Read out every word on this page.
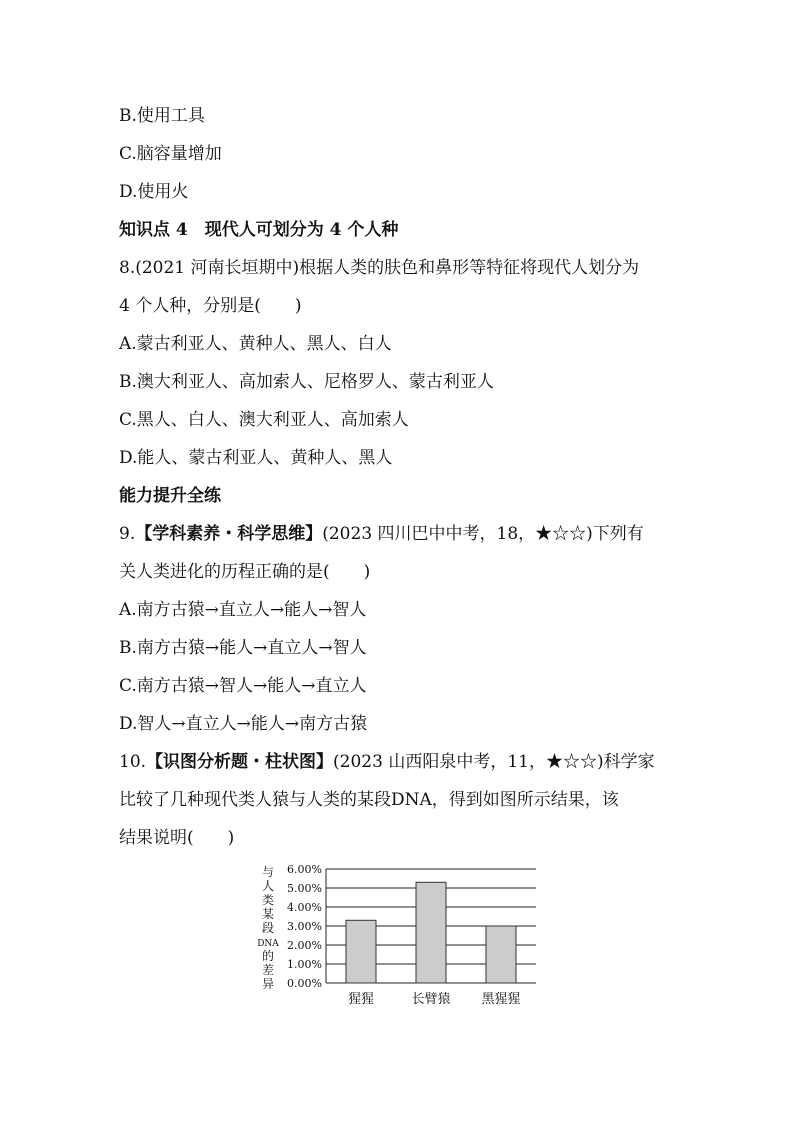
B.使用工具
C.脑容量增加
D.使用火
知识点 4　现代人可划分为 4 个人种
8.(2021 河南长垣期中)根据人类的肤色和鼻形等特征将现代人划分为
4 个人种，分别是(　　)
A.蒙古利亚人、黄种人、黑人、白人
B.澳大利亚人、高加索人、尼格罗人、蒙古利亚人
C.黑人、白人、澳大利亚人、高加索人
D.能人、蒙古利亚人、黄种人、黑人
能力提升全练
9.【学科素养・科学思维】(2023 四川巴中中考，18，★☆☆)下列有
关人类进化的历程正确的是(　　)
A.南方古猿→直立人→能人→智人
B.南方古猿→能人→直立人→智人
C.南方古猿→智人→能人→直立人
D.智人→直立人→能人→南方古猿
10.【识图分析题・柱状图】(2023 山西阳泉中考，11，★☆☆)科学家
比较了几种现代类人猿与人类的某段DNA，得到如图所示结果，该
结果说明(　　)
与
人
类
某
段
DNA
的
差
异 0.00%
1.00%
2.00%
3.00%
4.00%
5.00%
6.00%
猩猩	长臂猿 黑猩猩
